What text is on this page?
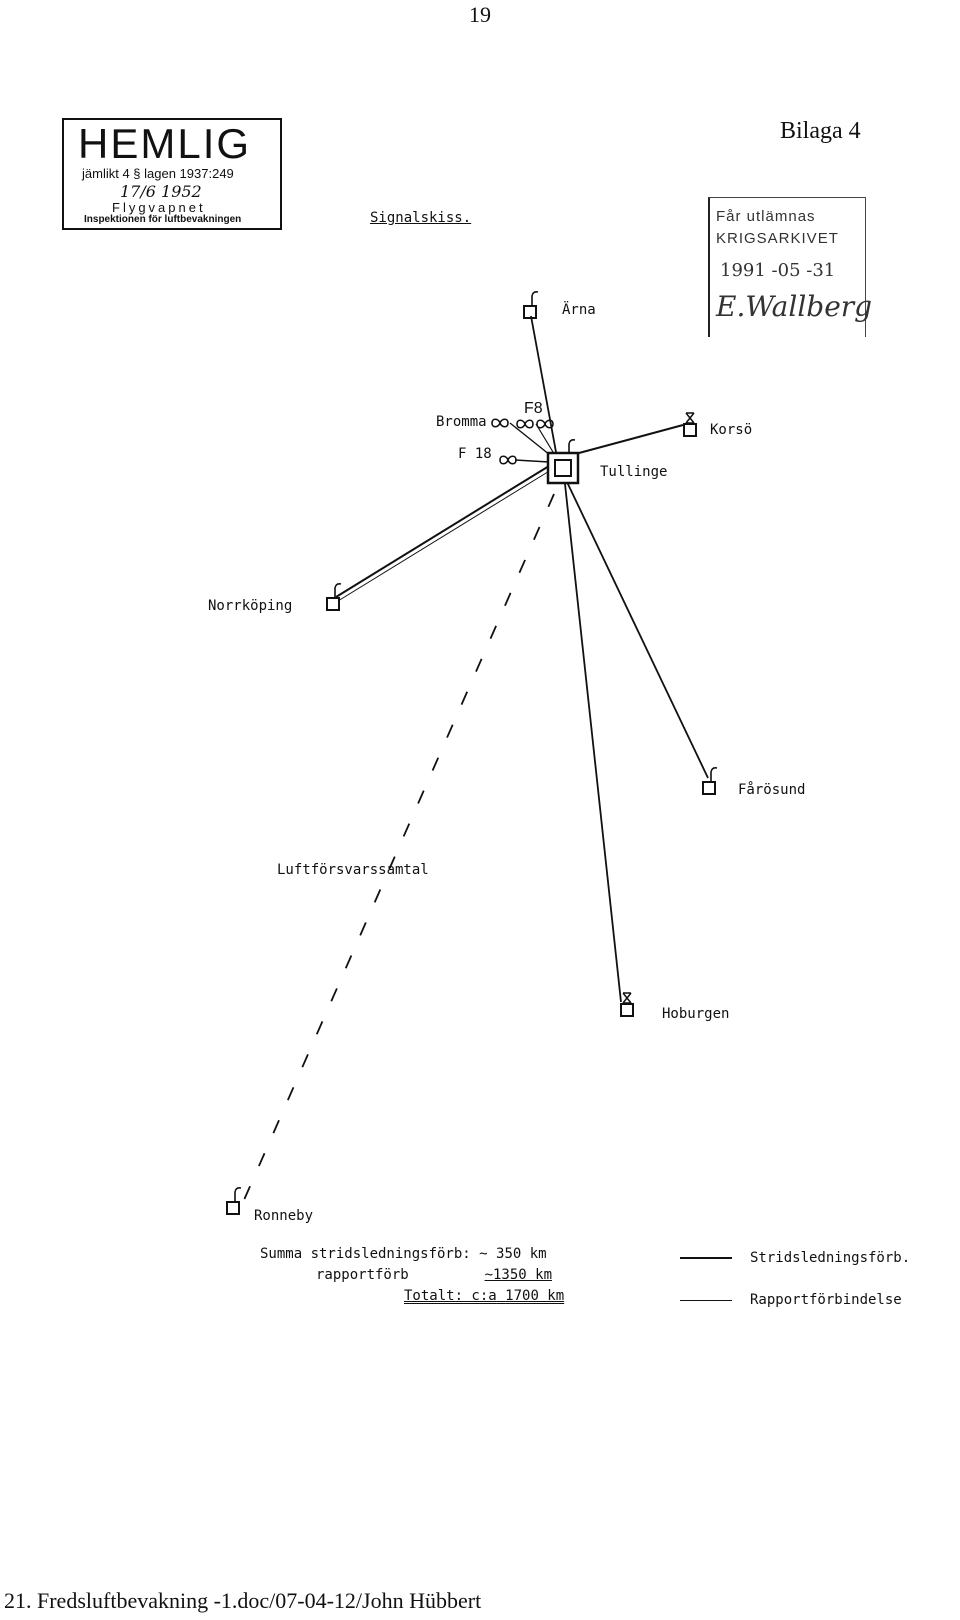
19
Bilaga 4
HEMLIG
jämlikt 4 § lagen 1937:249
17/6 1952
Flygvapnet
Inspektionen för luftbevakningen	Får utlämnas
KRIGSARKIVET
1991 -05 -31
E.Wallberg
Signalskiss.
Ärna
Bromma
F8
F 18
Tullinge
Korsö
Norrköping
Fårösund
Luftförsvarssamtal
Hoburgen
Ronneby
Summa stridsledningsförb: ~ 350 km
rapportförb	~1350 km
Totalt: c:a 1700 km
Stridsledningsförb.
Rapportförbindelse
21. Fredsluftbevakning -1.doc/07-04-12/John Hübbert
